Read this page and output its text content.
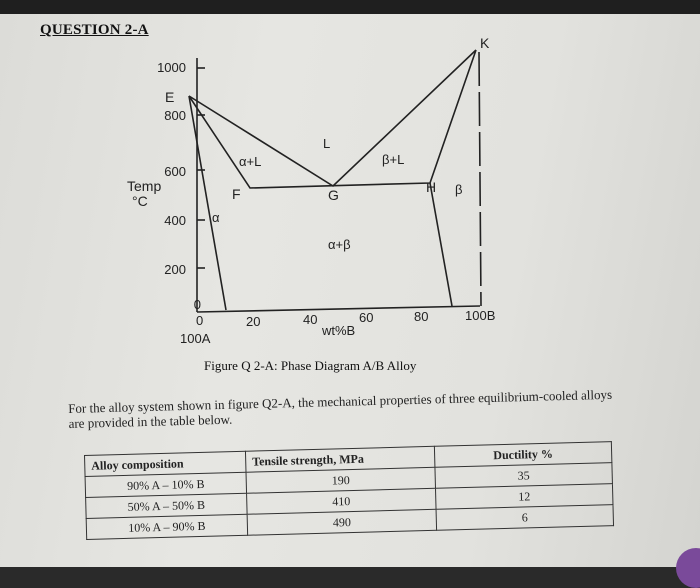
QUESTION 2-A
1000
800
600
400
200
0
Temp
°C
0	20	40	60	80	100B
100A
wt%B
E
F	G	H
K
L
α+L	β+L
α
β
α+β
Figure Q 2-A: Phase Diagram A/B Alloy
For the alloy system shown in figure Q2-A, the mechanical properties of three equilibrium-cooled alloys are provided in the table below.
Alloy composition	Tensile strength, MPa	Ductility %
90% A – 10% B	190	35
50% A – 50% B	410	12
10% A – 90% B	490	6
